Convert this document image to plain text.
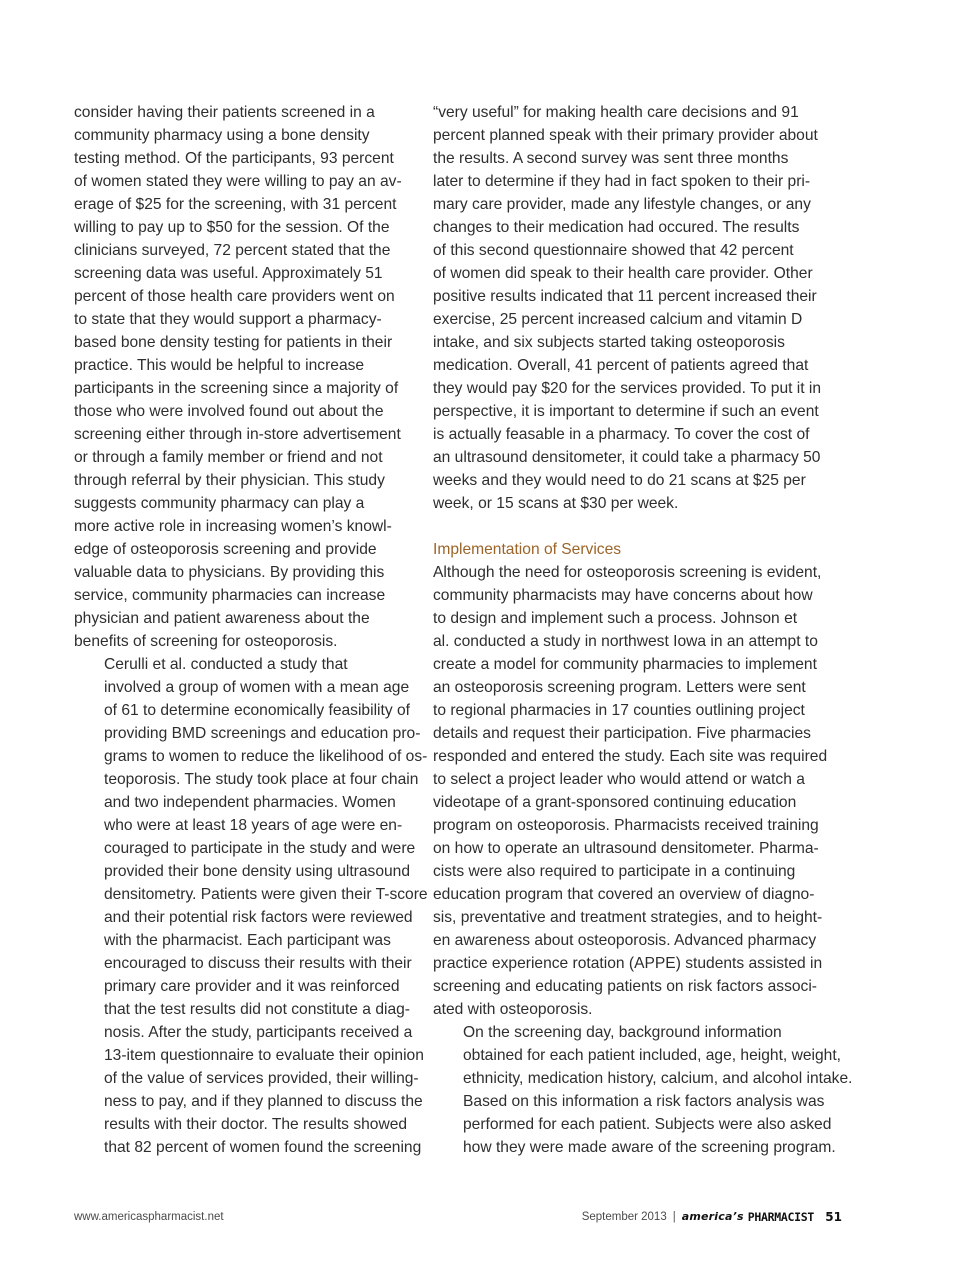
consider having their patients screened in a
community pharmacy using a bone density
testing method. Of the participants, 93 percent
of women stated they were willing to pay an av-
erage of $25 for the screening, with 31 percent
willing to pay up to $50 for the session. Of the
clinicians surveyed, 72 percent stated that the
screening data was useful. Approximately 51
percent of those health care providers went on
to state that they would support a pharmacy-
based bone density testing for patients in their
practice. This would be helpful to increase
participants in the screening since a majority of
those who were involved found out about the
screening either through in-store advertisement
or through a family member or friend and not
through referral by their physician. This study
suggests community pharmacy can play a
more active role in increasing women’s knowl-
edge of osteoporosis screening and provide
valuable data to physicians. By providing this
service, community pharmacies can increase
physician and patient awareness about the
benefits of screening for osteoporosis.

Cerulli et al. conducted a study that
involved a group of women with a mean age
of 61 to determine economically feasibility of
providing BMD screenings and education pro-
grams to women to reduce the likelihood of os-
teoporosis. The study took place at four chain
and two independent pharmacies. Women
who were at least 18 years of age were en-
couraged to participate in the study and were
provided their bone density using ultrasound
densitometry. Patients were given their T-score
and their potential risk factors were reviewed
with the pharmacist. Each participant was
encouraged to discuss their results with their
primary care provider and it was reinforced
that the test results did not constitute a diag-
nosis. After the study, participants received a
13-item questionnaire to evaluate their opinion
of the value of services provided, their willing-
ness to pay, and if they planned to discuss the
results with their doctor. The results showed
that 82 percent of women found the screening

“very useful” for making health care decisions and 91
percent planned speak with their primary provider about
the results. A second survey was sent three months
later to determine if they had in fact spoken to their pri-
mary care provider, made any lifestyle changes, or any
changes to their medication had occured. The results
of this second questionnaire showed that 42 percent
of women did speak to their health care provider. Other
positive results indicated that 11 percent increased their
exercise, 25 percent increased calcium and vitamin D
intake, and six subjects started taking osteoporosis
medication. Overall, 41 percent of patients agreed that
they would pay $20 for the services provided. To put it in
perspective, it is important to determine if such an event
is actually feasable in a pharmacy. To cover the cost of
an ultrasound densitometer, it could take a pharmacy 50
weeks and they would need to do 21 scans at $25 per
week, or 15 scans at $30 per week.

Implementation of Services

Although the need for osteoporosis screening is evident,
community pharmacists may have concerns about how
to design and implement such a process. Johnson et
al. conducted a study in northwest Iowa in an attempt to
create a model for community pharmacies to implement
an osteoporosis screening program. Letters were sent
to regional pharmacies in 17 counties outlining project
details and request their participation. Five pharmacies
responded and entered the study. Each site was required
to select a project leader who would attend or watch a
videotape of a grant-sponsored continuing education
program on osteoporosis. Pharmacists received training
on how to operate an ultrasound densitometer. Pharma-
cists were also required to participate in a continuing
education program that covered an overview of diagno-
sis, preventative and treatment strategies, and to height-
en awareness about osteoporosis. Advanced pharmacy
practice experience rotation (APPE) students assisted in
screening and educating patients on risk factors associ-
ated with osteoporosis.

On the screening day, background information
obtained for each patient included, age, height, weight,
ethnicity, medication history, calcium, and alcohol intake.
Based on this information a risk factors analysis was
performed for each patient. Subjects were also asked
how they were made aware of the screening program.

www.americaspharmacist.net	September 2013 | america’s PHARMACIST 51
